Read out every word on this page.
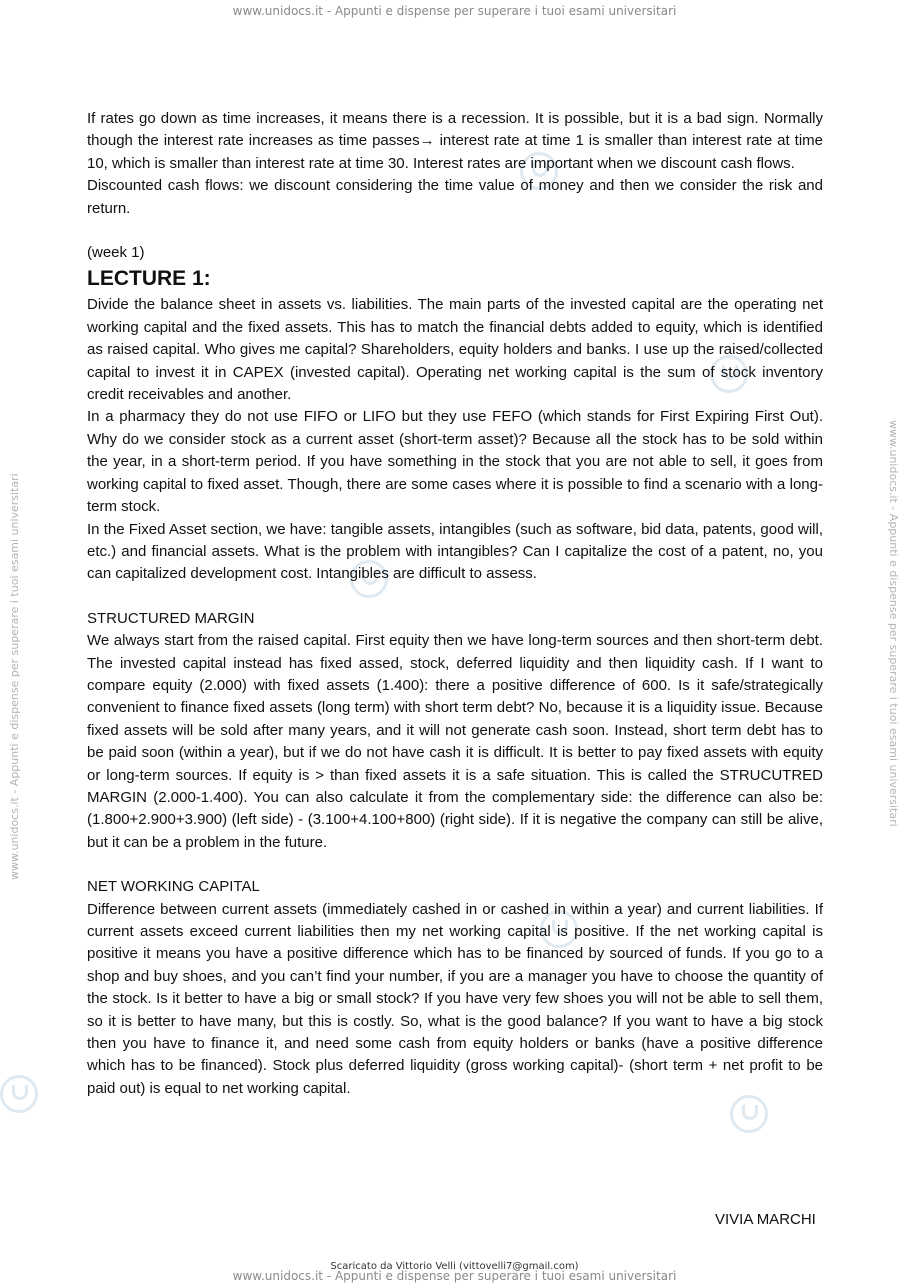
www.unidocs.it - Appunti e dispense per superare i tuoi esami universitari
www.unidocs.it - Appunti e dispense per superare i tuoi esami universitari	www.unidocs.it - Appunti e dispense per superare i tuoi esami universitari

If rates go down as time increases, it means there is a recession. It is possible, but it is a bad sign. Normally though the interest rate increases as time passes→ interest rate at time 1 is smaller than interest rate at time 10, which is smaller than interest rate at time 30. Interest rates are important when we discount cash flows.

Discounted cash flows: we discount considering the time value of money and then we consider the risk and return.

(week 1)

LECTURE 1:

Divide the balance sheet in assets vs. liabilities. The main parts of the invested capital are the operating net working capital and the fixed assets. This has to match the financial debts added to equity, which is identified as raised capital. Who gives me capital? Shareholders, equity holders and banks. I use up the raised/collected capital to invest it in CAPEX (invested capital). Operating net working capital is the sum of stock inventory credit receivables and another.

In a pharmacy they do not use FIFO or LIFO but they use FEFO (which stands for First Expiring First Out). Why do we consider stock as a current asset (short-term asset)? Because all the stock has to be sold within the year, in a short-term period. If you have something in the stock that you are not able to sell, it goes from working capital to fixed asset. Though, there are some cases where it is possible to find a scenario with a long-term stock.

In the Fixed Asset section, we have: tangible assets, intangibles (such as software, bid data, patents, good will, etc.) and financial assets. What is the problem with intangibles? Can I capitalize the cost of a patent, no, you can capitalized development cost. Intangibles are difficult to assess.

STRUCTURED MARGIN

We always start from the raised capital. First equity then we have long-term sources and then short-term debt. The invested capital instead has fixed assed, stock, deferred liquidity and then liquidity cash. If I want to compare equity (2.000) with fixed assets (1.400): there a positive difference of 600. Is it safe/strategically convenient to finance fixed assets (long term) with short term debt? No, because it is a liquidity issue. Because fixed assets will be sold after many years, and it will not generate cash soon. Instead, short term debt has to be paid soon (within a year), but if we do not have cash it is difficult. It is better to pay fixed assets with equity or long-term sources. If equity is > than fixed assets it is a safe situation. This is called the STRUCUTRED MARGIN (2.000-1.400). You can also calculate it from the complementary side: the difference can also be: (1.800+2.900+3.900) (left side) - (3.100+4.100+800) (right side). If it is negative the company can still be alive, but it can be a problem in the future.

NET WORKING CAPITAL

Difference between current assets (immediately cashed in or cashed in within a year) and current liabilities. If current assets exceed current liabilities then my net working capital is positive. If the net working capital is positive it means you have a positive difference which has to be financed by sourced of funds. If you go to a shop and buy shoes, and you can’t find your number, if you are a manager you have to choose the quantity of the stock. Is it better to have a big or small stock? If you have very few shoes you will not be able to sell them, so it is better to have many, but this is costly. So, what is the good balance? If you want to have a big stock then you have to finance it, and need some cash from equity holders or banks (have a positive difference which has to be financed). Stock plus deferred liquidity (gross working capital)- (short term + net profit to be paid out) is equal to net working capital.

VIVIA MARCHI
Scaricato da Vittorio Velli (vittovelli7@gmail.com)
www.unidocs.it - Appunti e dispense per superare i tuoi esami universitari
